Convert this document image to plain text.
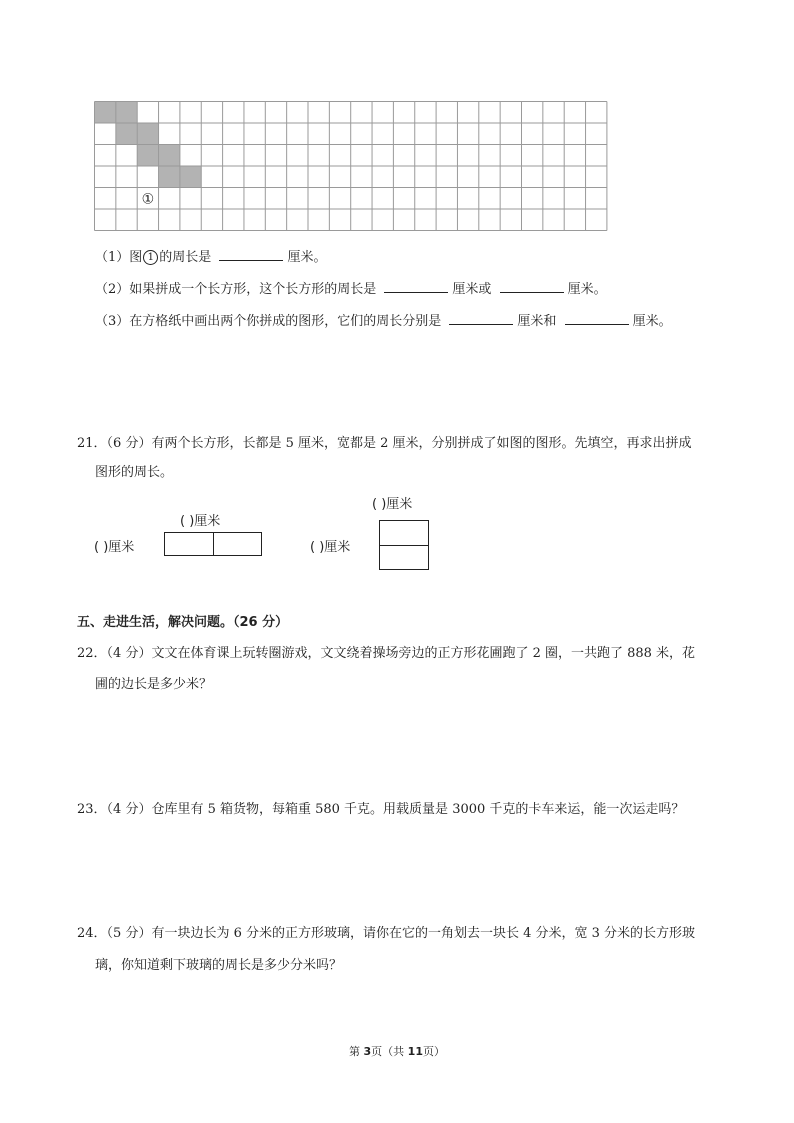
①
（1）图 1 的周长是	厘米。
（2）如果拼成一个长方形，这个长方形的周长是	厘米或	厘米。
（3）在方格纸中画出两个你拼成的图形，它们的周长分别是	厘米和	厘米。
21．（6 分）有两个长方形，长都是 5 厘米，宽都是 2 厘米，分别拼成了如图的图形。先填空，再求出拼成
图形的周长。
( )厘米
( )厘米
( )厘米
( )厘米
五、走进生活，解决问题。（26 分）
22．（4 分）文文在体育课上玩转圈游戏，文文绕着操场旁边的正方形花圃跑了 2 圈，一共跑了 888 米，花
圃的边长是多少米？
23．（4 分）仓库里有 5 箱货物，每箱重 580 千克。用载质量是 3000 千克的卡车来运，能一次运走吗？
24．（5 分）有一块边长为 6 分米的正方形玻璃，请你在它的一角划去一块长 4 分米，宽 3 分米的长方形玻
璃，你知道剩下玻璃的周长是多少分米吗？
第 3页（共 11页）
